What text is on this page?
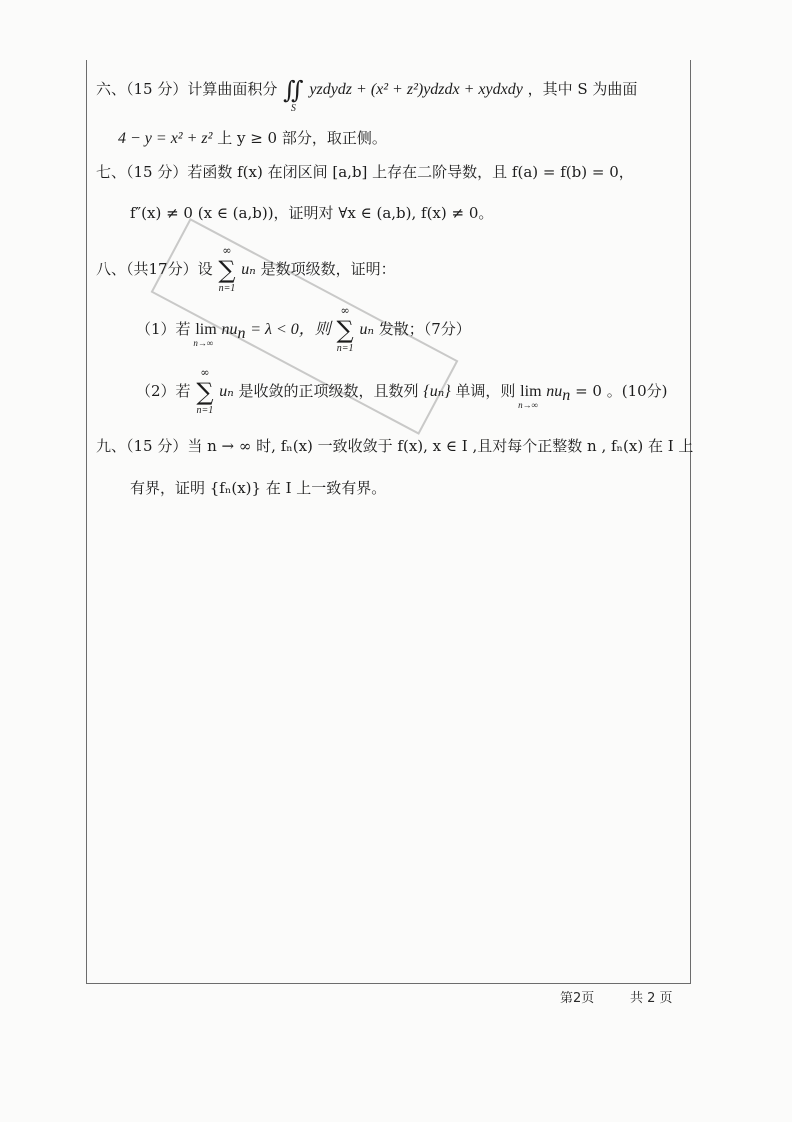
六、（15 分）计算曲面积分 ∬
S
yzdydz + (x² + z²)ydzdx + xydxdy ，其中 S 为曲面
4 − y = x² + z² 上 y ≥ 0 部分，取正侧。
七、（15 分）若函数 f(x) 在闭区间 [a,b] 上存在二阶导数，且 f(a) = f(b) = 0，
f″(x) ≠ 0 (x ∈ (a,b))，证明对 ∀x ∈ (a,b), f(x) ≠ 0。
八、（共17分）设
∞
∑
n=1
uₙ 是数项级数，证明：
（1）若 lim
n→∞
$nu_n = \lambda < 0$，则
∞
∑
n=1
uₙ 发散；（7分）
（2）若
∞
∑
n=1
uₙ 是收敛的正项级数，且数列 {uₙ} 单调，则 lim
n→∞
$nu_n = 0$ 。(10分)
九、（15 分）当 n → ∞ 时, fₙ(x) 一致收敛于 f(x), x ∈ I ,且对每个正整数 n , fₙ(x) 在 I 上
有界，证明 {fₙ(x)} 在 I 上一致有界。
第2页	共 2 页
